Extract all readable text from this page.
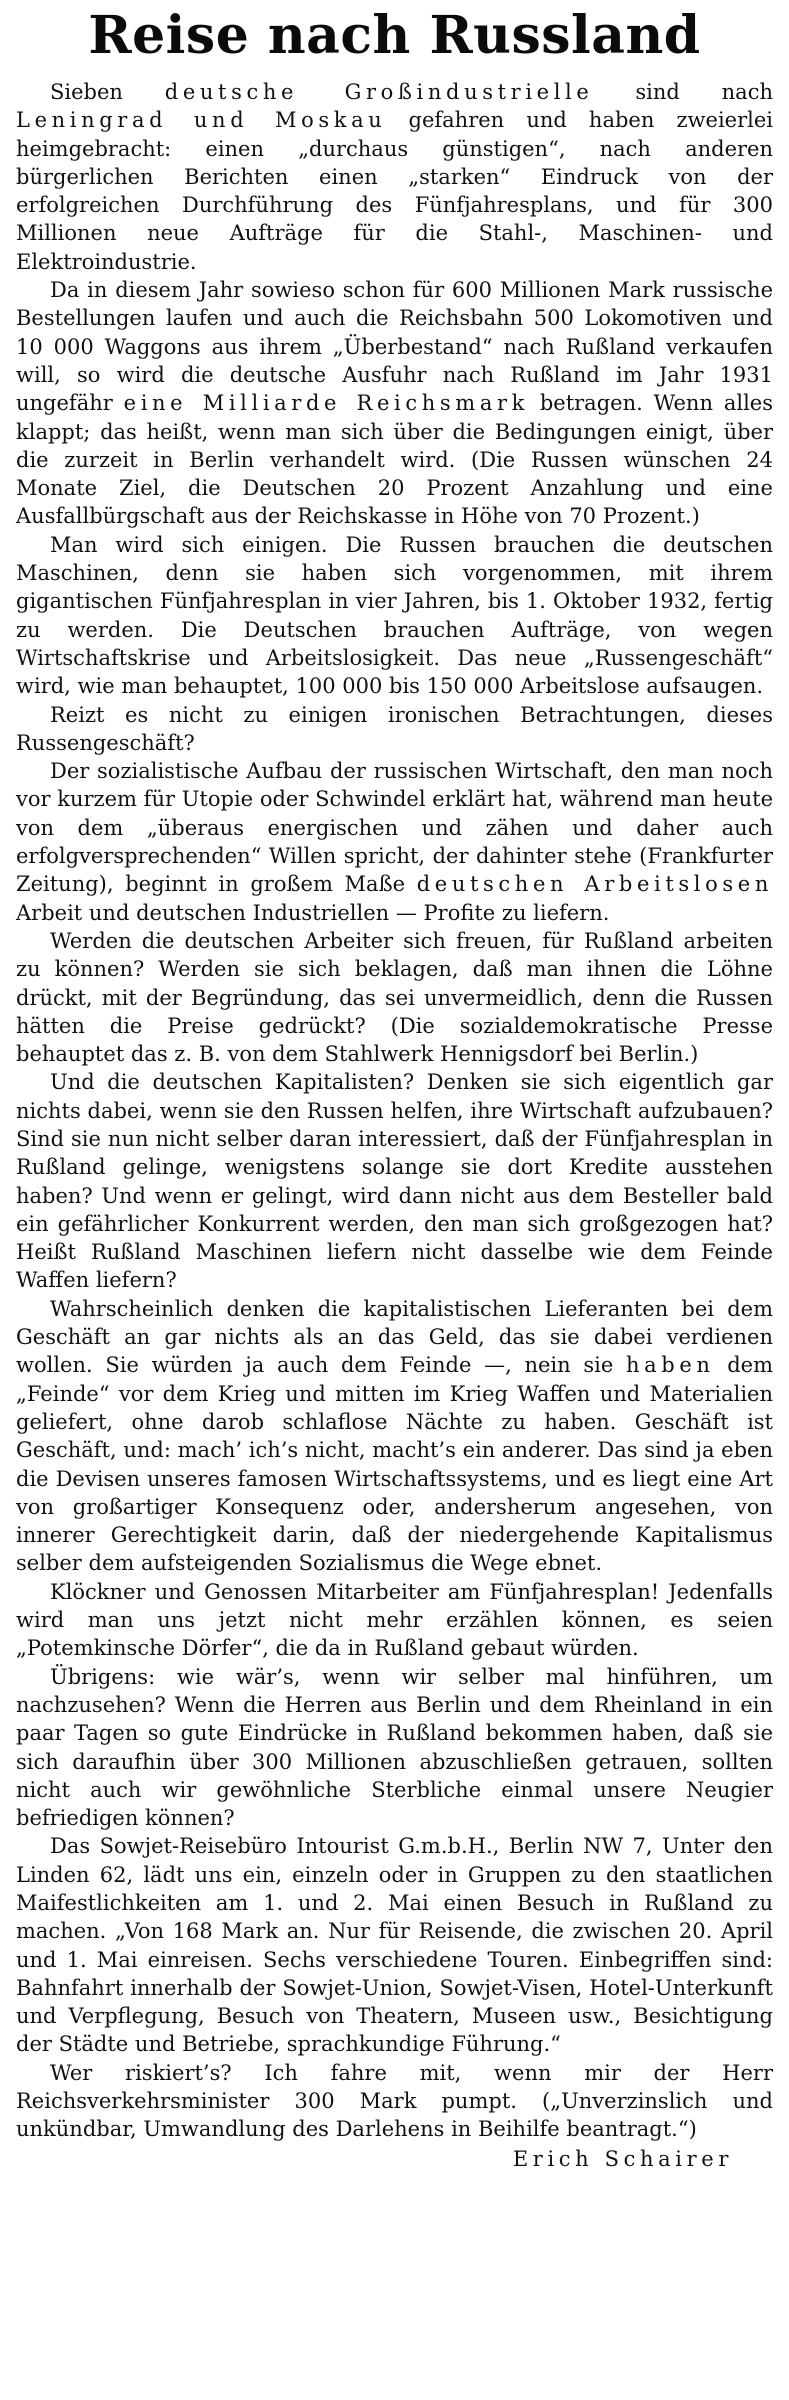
Reise nach Russland

Sieben deutsche Großindustrielle sind nach Leningrad und Moskau gefahren und haben zweierlei heimgebracht: einen „durchaus günstigen“, nach anderen bürgerlichen Berichten einen „starken“ Eindruck von der erfolgreichen Durchführung des Fünfjahresplans, und für 300 Millionen neue Aufträge für die Stahl-, Maschinen- und Elektroindustrie.

Da in diesem Jahr sowieso schon für 600 Millionen Mark russische Bestellungen laufen und auch die Reichsbahn 500 Lokomotiven und 10 000 Waggons aus ihrem „Überbestand“ nach Rußland verkaufen will, so wird die deutsche Ausfuhr nach Rußland im Jahr 1931 ungefähr eine Milliarde Reichsmark betragen. Wenn alles klappt; das heißt, wenn man sich über die Bedingungen einigt, über die zurzeit in Berlin verhandelt wird. (Die Russen wünschen 24 Monate Ziel, die Deutschen 20 Prozent Anzahlung und eine Ausfallbürgschaft aus der Reichskasse in Höhe von 70 Prozent.)

Man wird sich einigen. Die Russen brauchen die deutschen Maschinen, denn sie haben sich vorgenommen, mit ihrem gigantischen Fünfjahresplan in vier Jahren, bis 1. Oktober 1932, fertig zu werden. Die Deutschen brauchen Aufträge, von wegen Wirtschaftskrise und Arbeitslosigkeit. Das neue „Russengeschäft“ wird, wie man behauptet, 100 000 bis 150 000 Arbeitslose aufsaugen.

Reizt es nicht zu einigen ironischen Betrachtungen, dieses Russengeschäft?

Der sozialistische Aufbau der russischen Wirtschaft, den man noch vor kurzem für Utopie oder Schwindel erklärt hat, während man heute von dem „überaus energischen und zähen und daher auch erfolgversprechenden“ Willen spricht, der dahinter stehe (Frankfurter Zeitung), beginnt in großem Maße deutschen Arbeitslosen Arbeit und deutschen Industriellen — Profite zu liefern.

Werden die deutschen Arbeiter sich freuen, für Rußland arbeiten zu können? Werden sie sich beklagen, daß man ihnen die Löhne drückt, mit der Begründung, das sei unvermeidlich, denn die Russen hätten die Preise gedrückt? (Die sozialdemokratische Presse behauptet das z. B. von dem Stahlwerk Hennigsdorf bei Berlin.)

Und die deutschen Kapitalisten? Denken sie sich eigentlich gar nichts dabei, wenn sie den Russen helfen, ihre Wirtschaft aufzubauen? Sind sie nun nicht selber daran interessiert, daß der Fünfjahresplan in Rußland gelinge, wenigstens solange sie dort Kredite ausstehen haben? Und wenn er gelingt, wird dann nicht aus dem Besteller bald ein gefährlicher Konkurrent werden, den man sich großgezogen hat? Heißt Rußland Maschinen liefern nicht dasselbe wie dem Feinde Waffen liefern?

Wahrscheinlich denken die kapitalistischen Lieferanten bei dem Geschäft an gar nichts als an das Geld, das sie dabei verdienen wollen. Sie würden ja auch dem Feinde —, nein sie haben dem „Feinde“ vor dem Krieg und mitten im Krieg Waffen und Materialien geliefert, ohne darob schlaflose Nächte zu haben. Geschäft ist Geschäft, und: mach’ ich’s nicht, macht’s ein anderer. Das sind ja eben die Devisen unseres famosen Wirtschaftssystems, und es liegt eine Art von großartiger Konsequenz oder, andersherum angesehen, von innerer Gerechtigkeit darin, daß der niedergehende Kapitalismus selber dem aufsteigenden Sozialismus die Wege ebnet.

Klöckner und Genossen Mitarbeiter am Fünfjahresplan! Jedenfalls wird man uns jetzt nicht mehr erzählen können, es seien „Potemkinsche Dörfer“, die da in Rußland gebaut würden.

Übrigens: wie wär’s, wenn wir selber mal hinführen, um nachzusehen? Wenn die Herren aus Berlin und dem Rheinland in ein paar Tagen so gute Eindrücke in Rußland bekommen haben, daß sie sich daraufhin über 300 Millionen abzuschließen getrauen, sollten nicht auch wir gewöhnliche Sterbliche einmal unsere Neugier befriedigen können?

Das Sowjet-Reisebüro Intourist G.m.b.H., Berlin NW 7, Unter den Linden 62, lädt uns ein, einzeln oder in Gruppen zu den staatlichen Maifestlichkeiten am 1. und 2. Mai einen Besuch in Rußland zu machen. „Von 168 Mark an. Nur für Reisende, die zwischen 20. April und 1. Mai einreisen. Sechs verschiedene Touren. Einbegriffen sind: Bahnfahrt innerhalb der Sowjet-Union, Sowjet-Visen, Hotel-Unterkunft und Verpflegung, Besuch von Theatern, Museen usw., Besichtigung der Städte und Betriebe, sprachkundige Führung.“

Wer riskiert’s? Ich fahre mit, wenn mir der Herr Reichsverkehrsminister 300 Mark pumpt. („Unverzinslich und unkündbar, Umwandlung des Darlehens in Beihilfe beantragt.“)

Erich Schairer
